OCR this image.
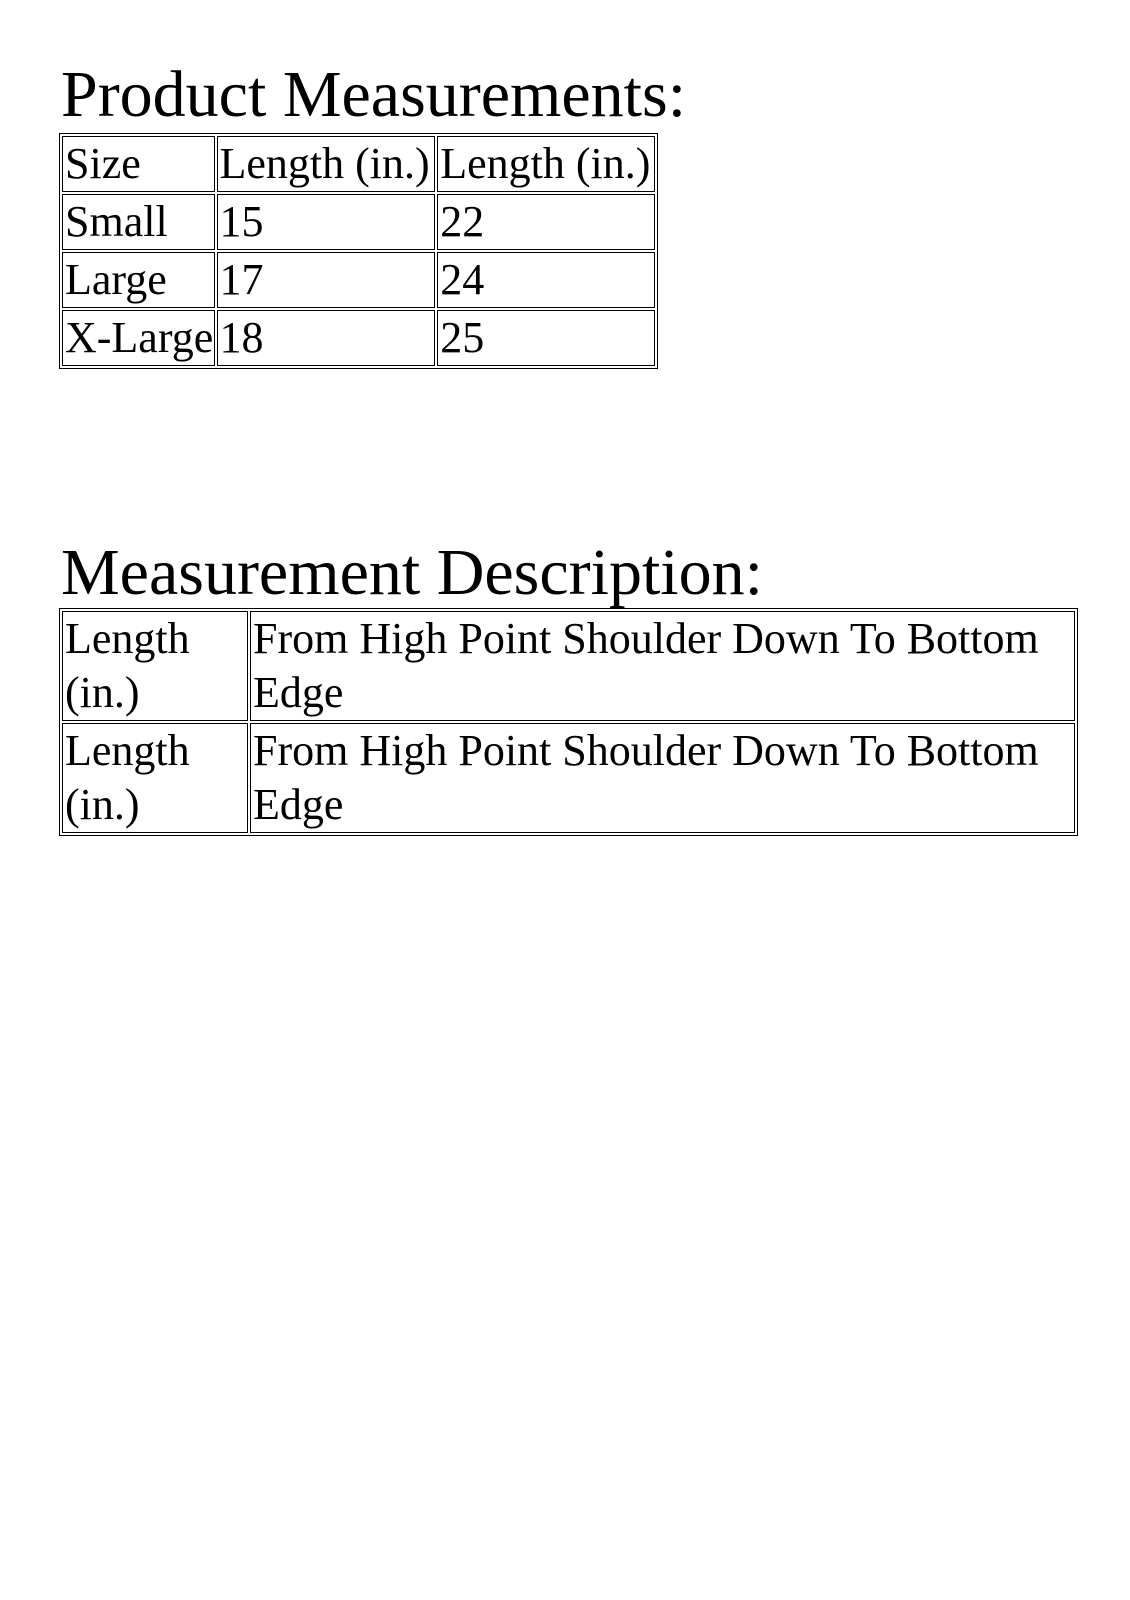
Product Measurements:
Size	Length (in.)	Length (in.)
Small	15	22
Large	17	24
X-Large	18	25
Measurement Description:
Length (in.)	From High Point Shoulder Down To Bottom Edge
Length (in.)	From High Point Shoulder Down To Bottom Edge
